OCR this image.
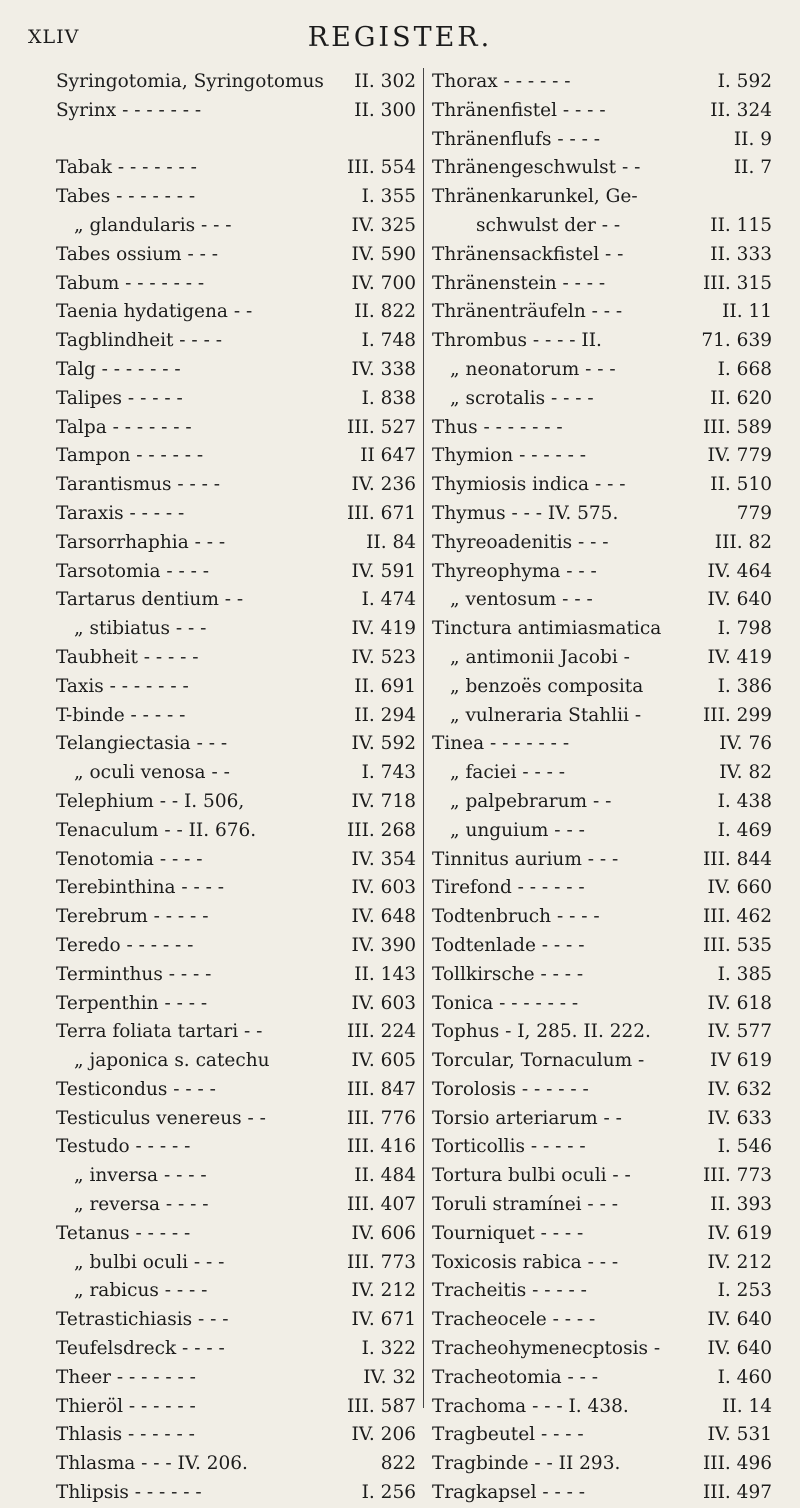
XLIV	REGISTER.
Syringotomia, Syringotomus II. 302
Syrinx - - - - - - -	II. 300
Tabak - - - - - - -	III. 554
Tabes - - - - - - -	I. 355
„ glandularis - - -	IV. 325
Tabes ossium - - -	IV. 590
Tabum - - - - - - -	IV. 700
Taenia hydatigena - -	II. 822
Tagblindheit - - - -	I. 748
Talg - - - - - - -	IV. 338
Talipes - - - - -	I. 838
Talpa - - - - - - -	III. 527
Tampon - - - - - -	II 647
Tarantismus - - - -	IV. 236
Taraxis - - - - -	III. 671
Tarsorrhaphia - - -	II. 84
Tarsotomia - - - -	IV. 591
Tartarus dentium - -	I. 474
„ stibiatus - - -	IV. 419
Taubheit - - - - -	IV. 523
Taxis - - - - - - -	II. 691
T-binde - - - - -	II. 294
Telangiectasia - - -	IV. 592
„ oculi venosa - -	I. 743
Telephium - - I. 506,	IV. 718
Tenaculum - - II. 676.	III. 268
Tenotomia - - - -	IV. 354
Terebinthina - - - -	IV. 603
Terebrum - - - - -	IV. 648
Teredo - - - - - -	IV. 390
Terminthus - - - -	II. 143
Terpenthin - - - -	IV. 603
Terra foliata tartari - -	III. 224
„ japonica s. catechu	IV. 605
Testicondus - - - -	III. 847
Testiculus venereus - -	III. 776
Testudo - - - - -	III. 416
„ inversa - - - -	II. 484
„ reversa - - - -	III. 407
Tetanus - - - - -	IV. 606
„ bulbi oculi - - -	III. 773
„ rabicus - - - -	IV. 212
Tetrastichiasis - - -	IV. 671
Teufelsdreck - - - -	I. 322
Theer - - - - - - -	IV. 32
Thieröl - - - - - -	III. 587
Thlasis - - - - - -	IV. 206
Thlasma - - - IV. 206.	822
Thlipsis - - - - - -	I. 256
Thorax - - - - - -	I. 592
Thränenfistel - - - -	II. 324
Thränenflufs - - - -	II. 9
Thränengeschwulst - -	II. 7
Thränenkarunkel, Ge-
schwulst der - -	II. 115
Thränensackfistel - -	II. 333
Thränenstein - - - -	III. 315
Thränenträufeln - - -	II. 11
Thrombus - - - - II.	71. 639
„ neonatorum - - -	I. 668
„ scrotalis - - - -	II. 620
Thus - - - - - - -	III. 589
Thymion - - - - - -	IV. 779
Thymiosis indica - - -	II. 510
Thymus - - - IV. 575.	779
Thyreoadenitis - - -	III. 82
Thyreophyma - - -	IV. 464
„ ventosum - - -	IV. 640
Tinctura antimiasmatica	I. 798
„ antimonii Jacobi -	IV. 419
„ benzoës composita	I. 386
„ vulneraria Stahlii -	III. 299
Tinea - - - - - - -	IV. 76
„ faciei - - - -	IV. 82
„ palpebrarum - -	I. 438
„ unguium - - -	I. 469
Tinnitus aurium - - -	III. 844
Tirefond - - - - - -	IV. 660
Todtenbruch - - - -	III. 462
Todtenlade - - - -	III. 535
Tollkirsche - - - -	I. 385
Tonica - - - - - - -	IV. 618
Tophus - I, 285. II. 222.	IV. 577
Torcular, Tornaculum -	IV 619
Torolosis - - - - - -	IV. 632
Torsio arteriarum - -	IV. 633
Torticollis - - - - -	I. 546
Tortura bulbi oculi - -	III. 773
Toruli stramínei - - -	II. 393
Tourniquet - - - -	IV. 619
Toxicosis rabica - - -	IV. 212
Tracheitis - - - - -	I. 253
Tracheocele - - - -	IV. 640
Tracheohymenecptosis -	IV. 640
Tracheotomia - - -	I. 460
Trachoma - - - I. 438.	II. 14
Tragbeutel - - - -	IV. 531
Tragbinde - - II 293.	III. 496
Tragkapsel - - - -	III. 497
